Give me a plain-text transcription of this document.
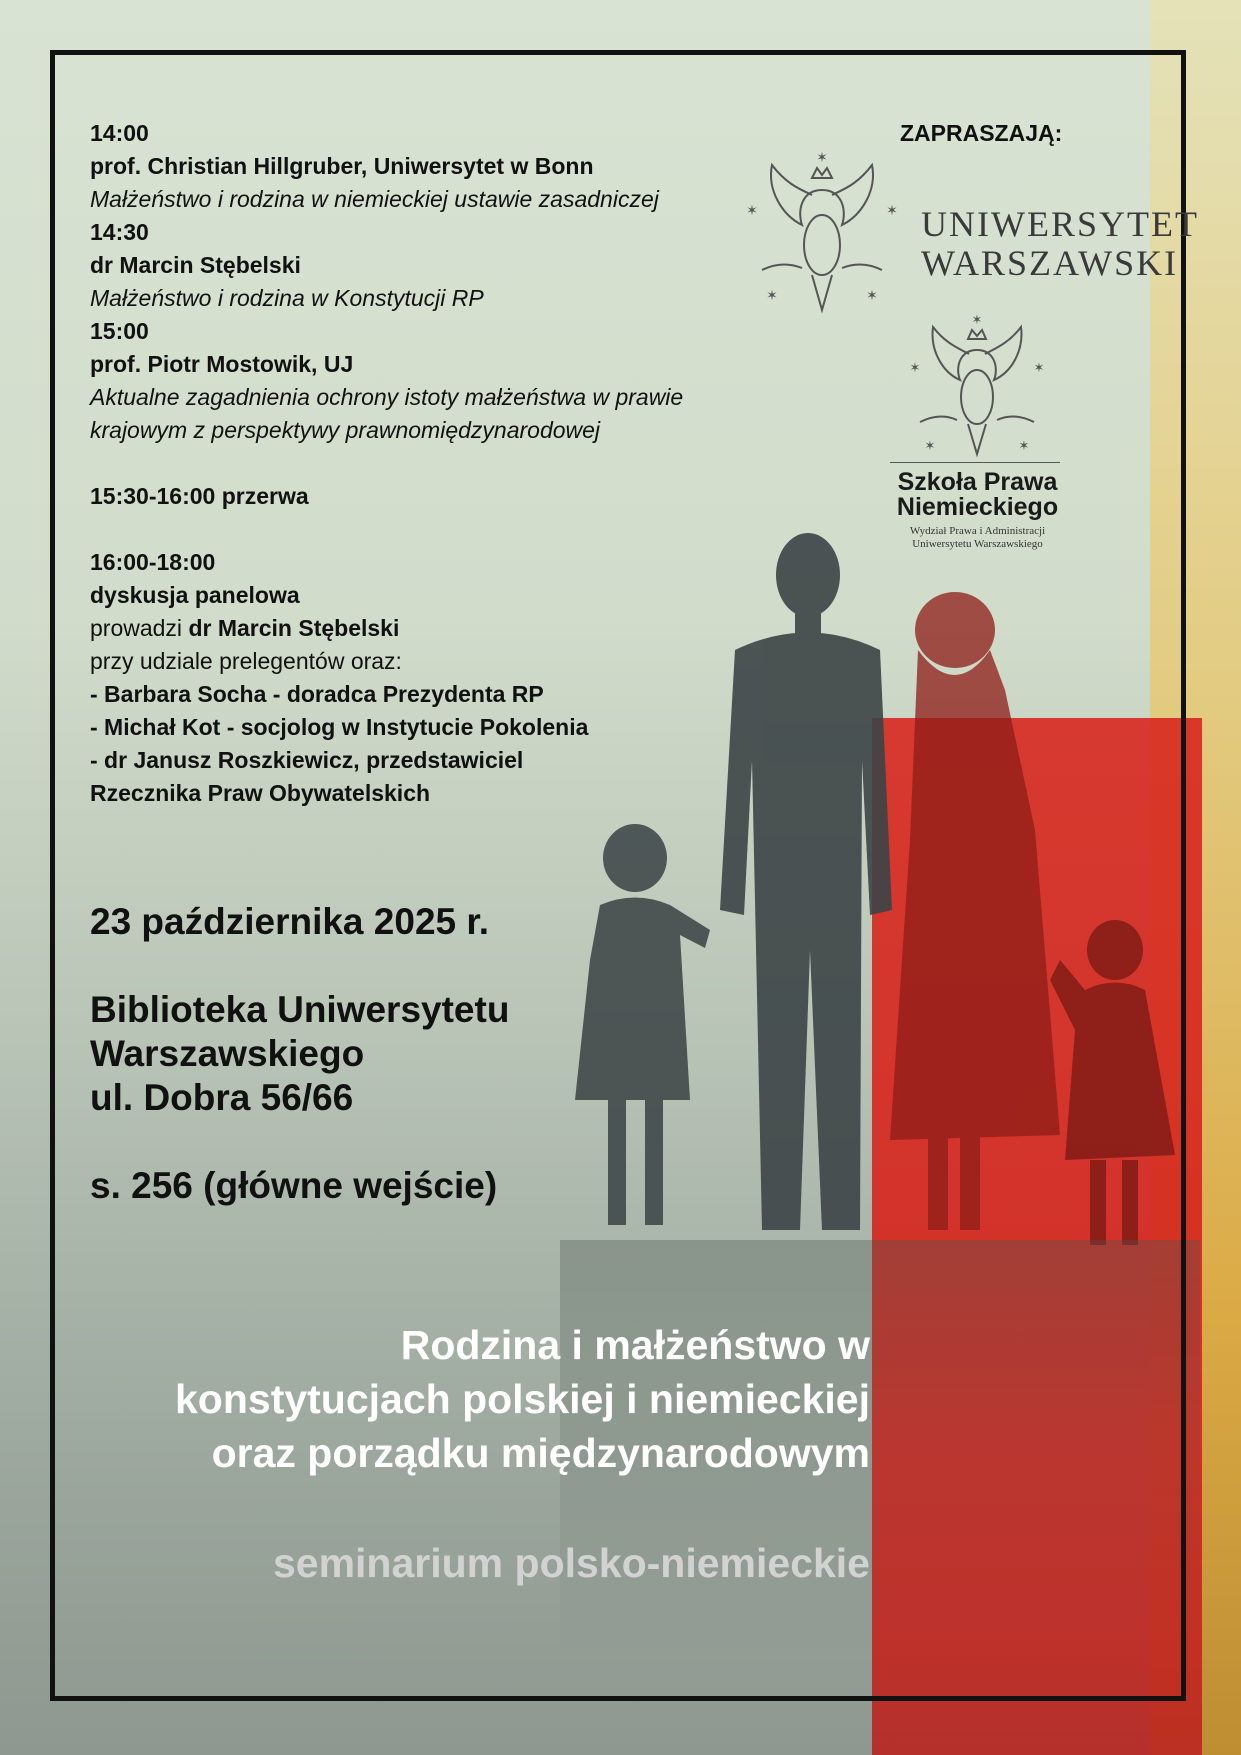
14:00
prof. Christian Hillgruber, Uniwersytet w Bonn
Małżeństwo i rodzina w niemieckiej ustawie zasadniczej
14:30
dr Marcin Stębelski
Małżeństwo i rodzina w Konstytucji RP
15:00
prof. Piotr Mostowik, UJ
Aktualne zagadnienia ochrony istoty małżeństwa w prawie
krajowym z perspektywy prawnomiędzynarodowej
15:30-16:00 przerwa
16:00-18:00
dyskusja panelowa
prowadzi dr Marcin Stębelski
przy udziale prelegentów oraz:
- Barbara Socha - doradca Prezydenta RP
- Michał Kot - socjolog w Instytucie Pokolenia
- dr Janusz Roszkiewicz, przedstawiciel
Rzecznika Praw Obywatelskich
ZAPRASZAJĄ:
✶
✶	✶
✶	✶
UNIWERSYTET
WARSZAWSKI
✶
✶	✶
✶	✶
Szkoła Prawa
Niemieckiego
Wydział Prawa i Administracji
Uniwersytetu Warszawskiego
23 października 2025 r.
Biblioteka Uniwersytetu
Warszawskiego
ul. Dobra 56/66
s. 256 (główne wejście)
Rodzina i małżeństwo w
konstytucjach polskiej i niemieckiej
oraz porządku międzynarodowym
seminarium polsko-niemieckie
